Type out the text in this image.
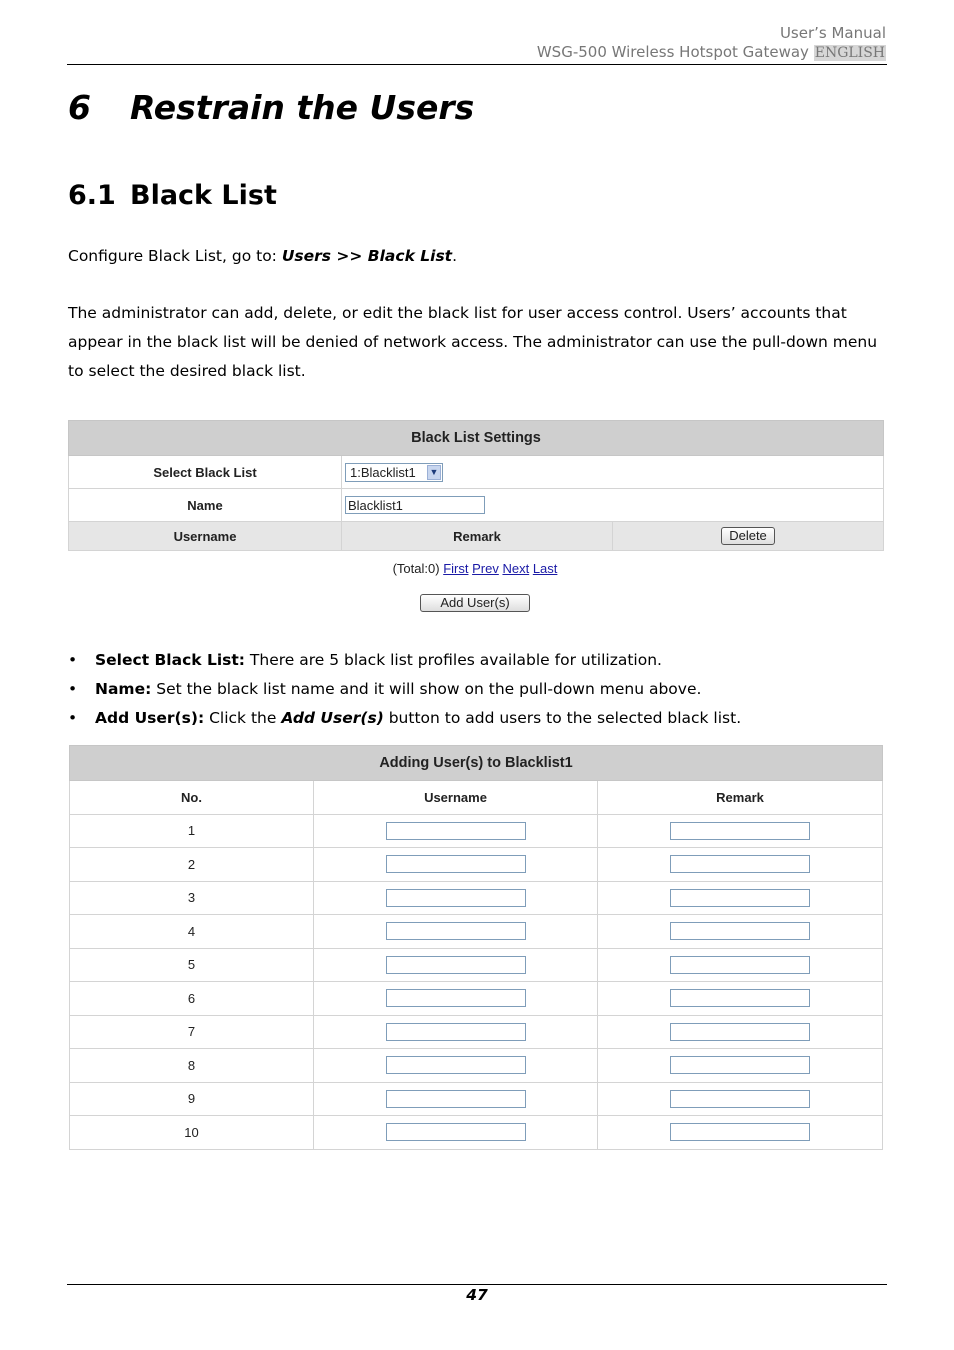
User’s Manual
WSG-500 Wireless Hotspot Gateway ENGLISH
6 Restrain the Users
6.1 Black List

Configure Black List, go to: Users >> Black List.

The administrator can add, delete, or edit the black list for user access control. Users’ accounts that appear in the black list will be denied of network access. The administrator can use the pull-down menu to select the desired black list.

Black List Settings		
Select Black List	1:Blacklist1 ▼	

Name	Blacklist1	
Username	Remark	Delete
(Total:0) First Prev Next Last
Add User(s)
• Select Black List: There are 5 black list profiles available for utilization.
• Name: Set the black list name and it will show on the pull-down menu above.
• Add User(s): Click the Add User(s) button to add users to the selected black list.
Adding User(s) to Blacklist1		
No.	Username	Remark
1		
2		
3		
4		
5		
6		
7		
8		
9		
10		
47
